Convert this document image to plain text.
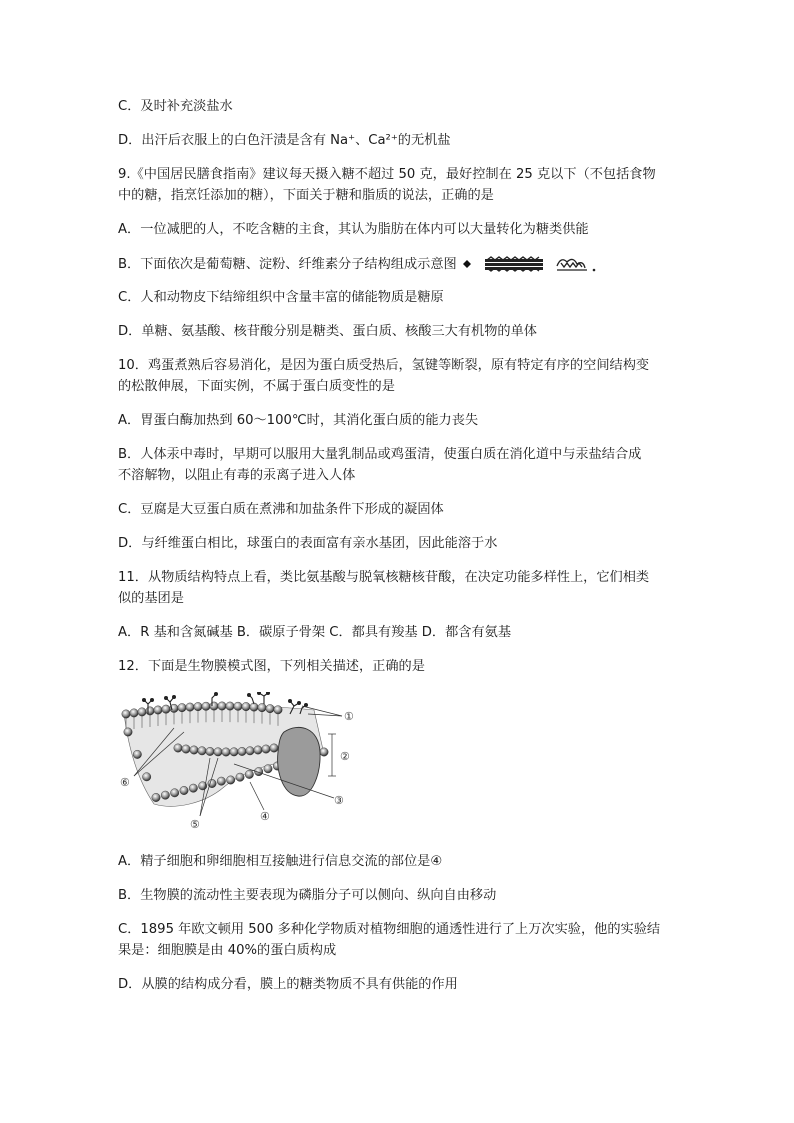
C．及时补充淡盐水
D．出汗后衣服上的白色汗渍是含有 Na⁺、Ca²⁺的无机盐
9.《中国居民膳食指南》建议每天摄入糖不超过 50 克，最好控制在 25 克以下（不包括食物
中的糖，指烹饪添加的糖），下面关于糖和脂质的说法，正确的是
A．一位减肥的人，不吃含糖的主食，其认为脂肪在体内可以大量转化为糖类供能
B．下面依次是葡萄糖、淀粉、纤维素分子结构组成示意图
C．人和动物皮下结缔组织中含量丰富的储能物质是糖原
D．单糖、氨基酸、核苷酸分别是糖类、蛋白质、核酸三大有机物的单体
10．鸡蛋煮熟后容易消化，是因为蛋白质受热后，氢键等断裂，原有特定有序的空间结构变
的松散伸展，下面实例，不属于蛋白质变性的是
A．胃蛋白酶加热到 60～100℃时，其消化蛋白质的能力丧失
B．人体汞中毒时，早期可以服用大量乳制品或鸡蛋清，使蛋白质在消化道中与汞盐结合成
不溶解物，以阻止有毒的汞离子进入人体
C．豆腐是大豆蛋白质在煮沸和加盐条件下形成的凝固体
D．与纤维蛋白相比，球蛋白的表面富有亲水基团，因此能溶于水
11．从物质结构特点上看，类比氨基酸与脱氧核糖核苷酸，在决定功能多样性上，它们相类
似的基团是
A．R 基和含氮碱基 B．碳原子骨架 C．都具有羧基 D．都含有氨基
12．下面是生物膜模式图，下列相关描述，正确的是
①
②
③
④
⑤
⑥
A．精子细胞和卵细胞相互接触进行信息交流的部位是④
B．生物膜的流动性主要表现为磷脂分子可以侧向、纵向自由移动
C．1895 年欧文顿用 500 多种化学物质对植物细胞的通透性进行了上万次实验，他的实验结
果是：细胞膜是由 40%的蛋白质构成
D．从膜的结构成分看，膜上的糖类物质不具有供能的作用
